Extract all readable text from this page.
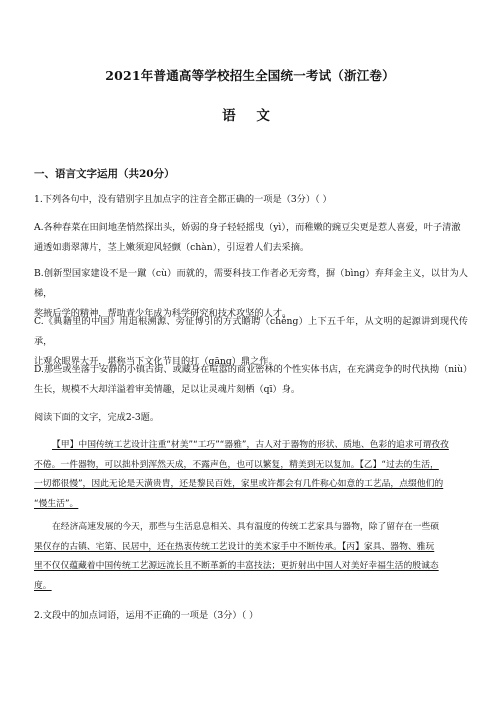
2021年普通高等学校招生全国统一考试（浙江卷）
语 文
一、语言文字运用（共20分）

1.下列各句中，没有错别字且加点字的注音全都正确的一项是（3分）（ ）

A.各种春菜在田间地垄悄然探出头，娇弱的身子轻轻摇曳（yì），而稚嫩的豌豆尖更是惹人喜爱，叶子清澈

通透如翡翠薄片，茎上嫩须迎风轻颤（chàn），引逗着人们去采摘。

B.创新型国家建设不是一蹴（cù）而就的，需要科技工作者必无旁骛，摒（bìng）弃拜金主义，以甘为人梯，

奖掖后学的精神，帮助青少年成为科学研究和技术攻坚的人才。

C.《典籍里的中国》用追根溯源、旁征博引的方式瞻聘（chěng）上下五千年，从文明的起源讲到现代传承，

让观众眼界大开，堪称当下文化节目的扛（gāng）鼎之作。

D.那些或坐落于安静的小镇古街、或藏身在喧嚣的商业密林的个性实体书店，在充满竞争的时代执拗（niù）

生长，规模不大却洋溢着审美情趣，足以让灵魂片刻栖（qī）身。

阅读下面的文字，完成2-3题。

【甲】中国传统工艺设计注重“材美”“工巧”“器雅”，古人对于器物的形状、质地、色彩的追求可谓孜孜

不倦。一件器物，可以拙朴到浑然天成，不露声色，也可以繁复，精美到无以复加。【乙】“过去的生活，

一切都很慢”，因此无论是天潢贵胄，还是黎民百姓，家里或许都会有几件称心如意的工艺品，点缀他们的

“慢生活”。

在经济高速发展的今天，那些与生活息息相关、具有温度的传统工艺家具与器物，除了留存在一些硕

果仅存的古镇、宅第、民居中，还在热衷传统工艺设计的美术家手中不断传承。【丙】家具、器物、雅玩

里不仅仅蕴藏着中国传统工艺源远流长且不断革新的丰富技法；更折射出中国人对美好幸福生活的殷诚态

度。

2.文段中的加点词语，运用不正确的一项是（3分）（ ）
